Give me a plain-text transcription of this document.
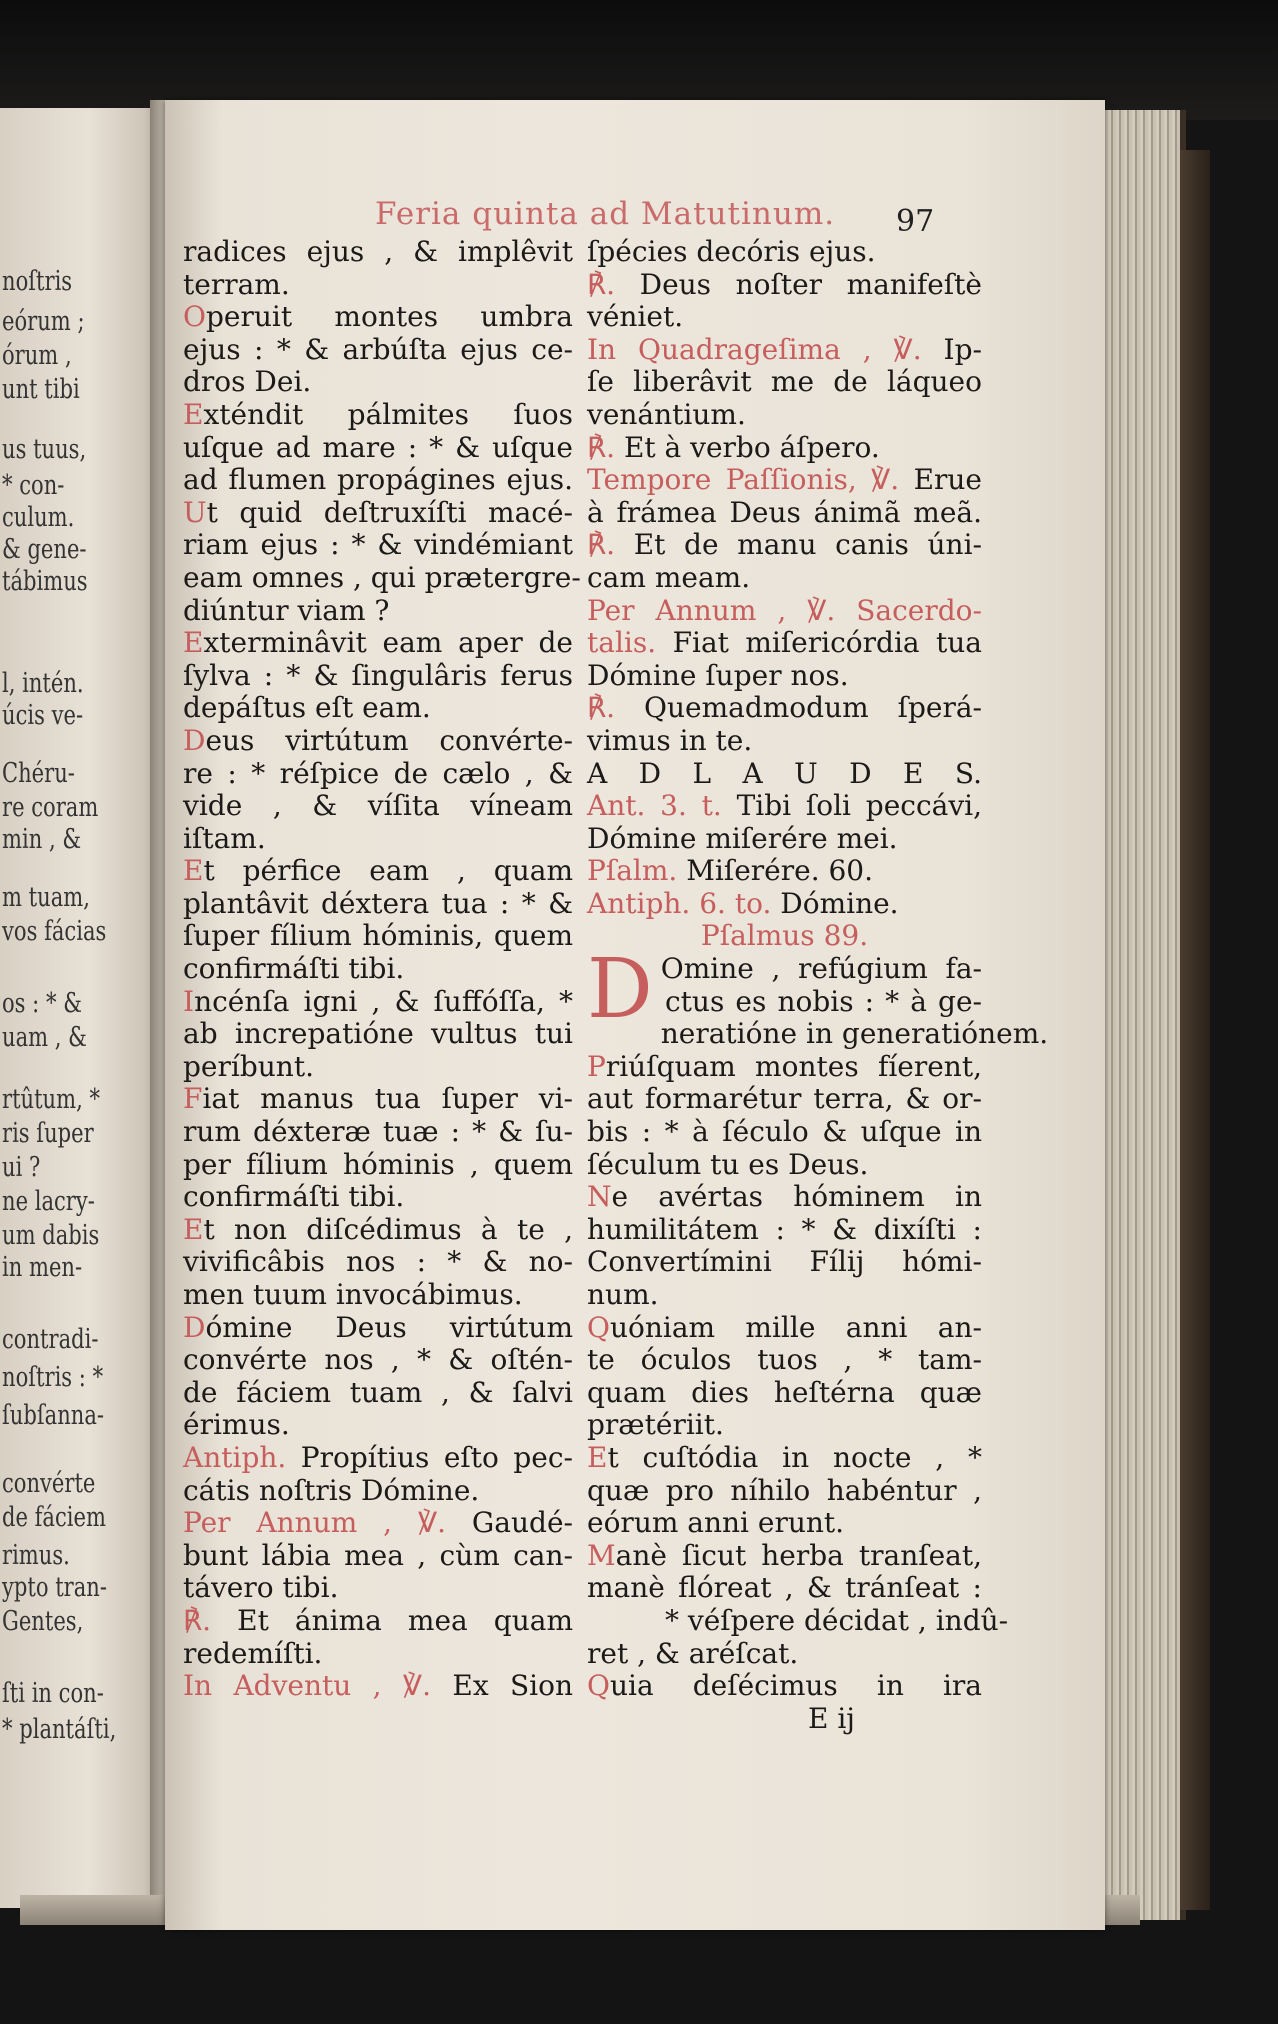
noſtris
eórum ;
órum ,
unt tibi
us tuus,
* con-
culum.
& gene-
tábimus
l, intén.
úcis ve-
Chéru-
re coram
min , &
m tuam,
vos fácias
os : * &
uam , &
rtûtum, *
ris ſuper
ui ?
ne lacry-
um dabis
in men-
contradi-
noſtris : *
ſubſanna-
convérte
de fáciem
rimus.
ypto tran-
Gentes,
ſti in con-
* plantáſti,
Feria quinta ad Matutinum. 97
radices ejus , & implêvit
terram.
Operuit montes umbra
ejus : * & arbúſta ejus ce-
dros Dei.
Exténdit pálmites ſuos
uſque ad mare : * & uſque
ad flumen propágines ejus.
Ut quid deſtruxíſti macé-
riam ejus : * & vindémiant
eam omnes , qui prætergre-
diúntur viam ?
Exterminâvit eam aper de
ſylva : * & ſingulâris ferus
depáſtus eſt eam.
Deus virtútum convérte-
re : * réſpice de cælo , &
vide , & víſita víneam
iſtam.
Et pérfice eam , quam
plantâvit déxtera tua : * &
ſuper fílium hóminis, quem
confirmáſti tibi.
Incénſa igni , & ſuffóſſa, *
ab increpatióne vultus tui
períbunt.
Fiat manus tua ſuper vi-
rum déxteræ tuæ : * & ſu-
per fílium hóminis , quem
confirmáſti tibi.
Et non diſcédimus à te ,
vivificâbis nos : * & no-
men tuum invocábimus.
Dómine Deus virtútum
convérte nos , * & oſtén-
de fáciem tuam , & ſalvi
érimus.
Antiph. Propítius eſto pec-
cátis noſtris Dómine.
Per Annum , ℣. Gaudé-
bunt lábia mea , cùm can-
távero tibi.
℟. Et ánima mea quam
redemíſti.
In Adventu , ℣. Ex Sion
ſpécies decóris ejus.
℟. Deus noſter manifeſtè
véniet.
In Quadrageſima , ℣. Ip-
ſe liberâvit me de láqueo
venántium.
℟. Et à verbo áſpero.
Tempore Paſſionis, ℣. Erue
à frámea Deus ánimã meã.
℟. Et de manu canis úni-
cam meam.
Per Annum , ℣. Sacerdo-
talis. Fiat miſericórdia tua
Dómine ſuper nos.
℟. Quemadmodum ſperá-
vimus in te.
A D L A U D E S.
Ant. 3. t. Tibi ſoli peccávi,
Dómine miſerére mei.
Pſalm. Miſerére. 60.
Antiph. 6. to. Dómine.
Pſalmus 89.
D Omine , refúgium fa-
ctus es nobis : * à ge-
neratióne in generatiónem.
Priúſquam montes fíerent,
aut formarétur terra, & or-
bis : * à ſéculo & uſque in
ſéculum tu es Deus.
Ne avértas hóminem in
humilitátem : * & dixíſti :
Convertímini Fílij hómi-
num.
Quóniam mille anni an-
te óculos tuos , * tam-
quam dies heſtérna quæ
prætériit.
Et cuſtódia in nocte , *
quæ pro níhilo habéntur ,
eórum anni erunt.
Manè ſicut herba tranſeat,
manè flóreat , & tránſeat :
* véſpere décidat , indû-
ret , & aréſcat.
Quia deſécimus in ira
E ij
